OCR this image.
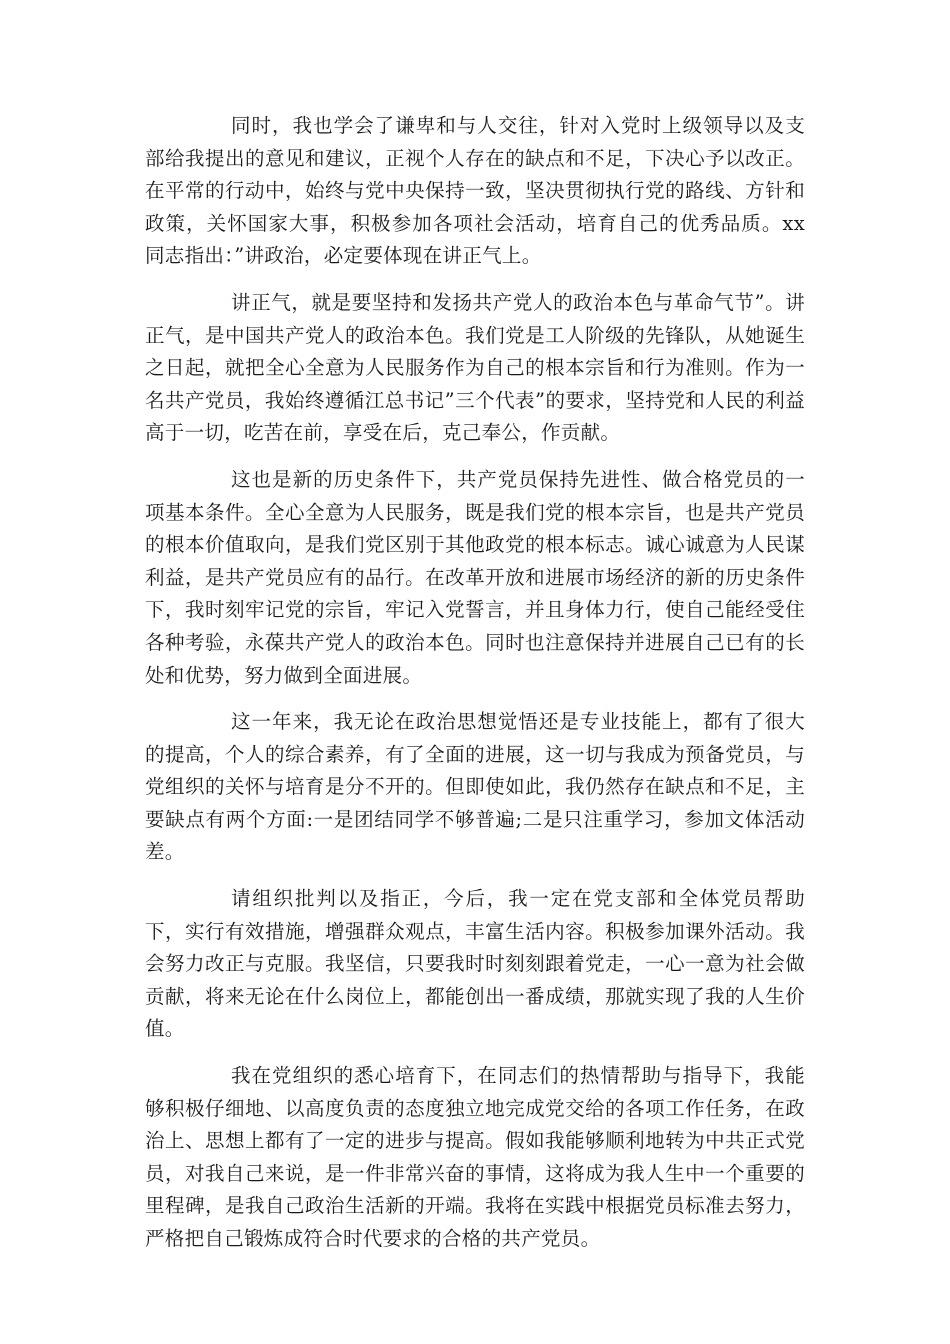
同时，我也学会了谦卑和与人交往，针对入党时上级领导以及支部给我提出的意见和建议，正视个人存在的缺点和不足，下决心予以改正。在平常的行动中，始终与党中央保持一致，坚决贯彻执行党的路线、方针和政策，关怀国家大事，积极参加各项社会活动，培育自己的优秀品质。xx 同志指出：”讲政治，必定要体现在讲正气上。

讲正气，就是要坚持和发扬共产党人的政治本色与革命气节”。讲正气，是中国共产党人的政治本色。我们党是工人阶级的先锋队，从她诞生之日起，就把全心全意为人民服务作为自己的根本宗旨和行为准则。作为一名共产党员，我始终遵循江总书记”三个代表”的要求，坚持党和人民的利益高于一切，吃苦在前，享受在后，克己奉公，作贡献。

这也是新的历史条件下，共产党员保持先进性、做合格党员的一项基本条件。全心全意为人民服务，既是我们党的根本宗旨，也是共产党员的根本价值取向，是我们党区别于其他政党的根本标志。诚心诚意为人民谋利益，是共产党员应有的品行。在改革开放和进展市场经济的新的历史条件下，我时刻牢记党的宗旨，牢记入党誓言，并且身体力行，使自己能经受住各种考验，永葆共产党人的政治本色。同时也注意保持并进展自己已有的长处和优势，努力做到全面进展。

这一年来，我无论在政治思想觉悟还是专业技能上，都有了很大的提高，个人的综合素养，有了全面的进展，这一切与我成为预备党员，与党组织的关怀与培育是分不开的。但即使如此，我仍然存在缺点和不足，主要缺点有两个方面:一是团结同学不够普遍;二是只注重学习，参加文体活动差。

请组织批判以及指正，今后，我一定在党支部和全体党员帮助下，实行有效措施，增强群众观点，丰富生活内容。积极参加课外活动。我会努力改正与克服。我坚信，只要我时时刻刻跟着党走，一心一意为社会做贡献，将来无论在什么岗位上，都能创出一番成绩，那就实现了我的人生价值。

我在党组织的悉心培育下，在同志们的热情帮助与指导下，我能够积极仔细地、以高度负责的态度独立地完成党交给的各项工作任务，在政治上、思想上都有了一定的进步与提高。假如我能够顺利地转为中共正式党员，对我自己来说，是一件非常兴奋的事情，这将成为我人生中一个重要的里程碑，是我自己政治生活新的开端。我将在实践中根据党员标准去努力，严格把自己锻炼成符合时代要求的合格的共产党员。
